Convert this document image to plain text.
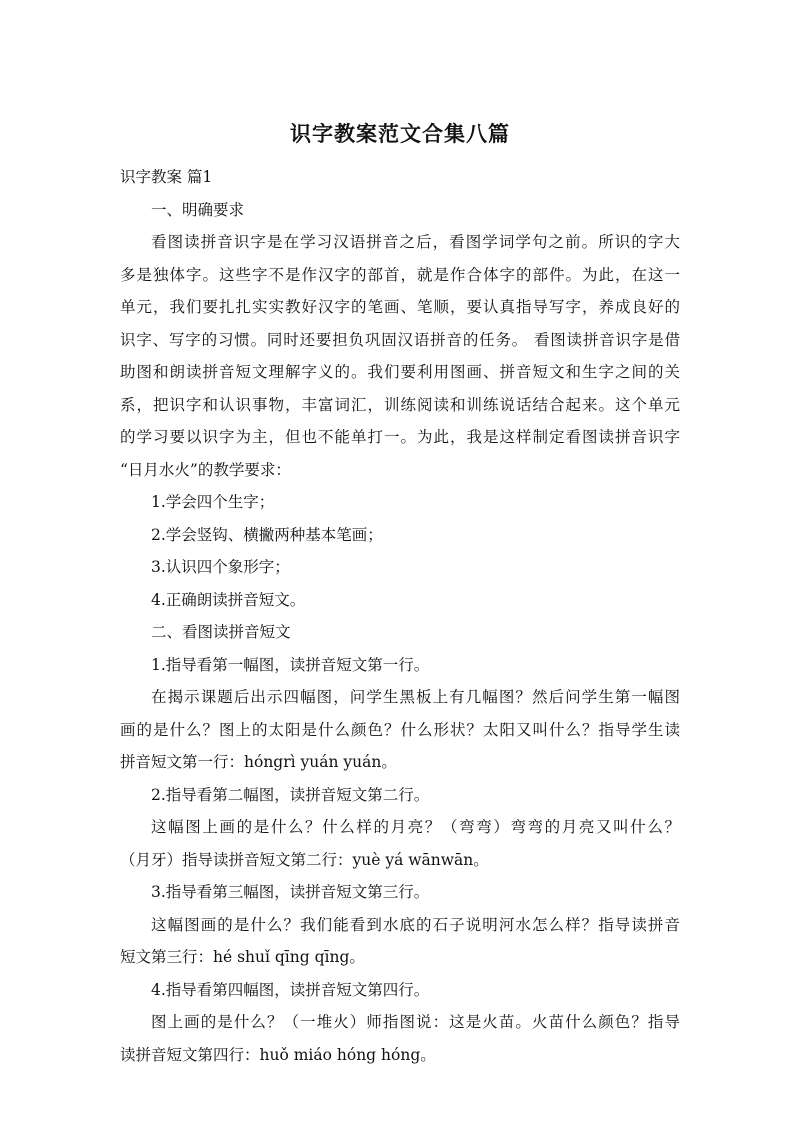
识字教案范文合集八篇
识字教案 篇1
一、明确要求
看图读拼音识字是在学习汉语拼音之后，看图学词学句之前。所识的字大
多是独体字。这些字不是作汉字的部首，就是作合体字的部件。为此，在这一
单元，我们要扎扎实实教好汉字的笔画、笔顺，要认真指导写字，养成良好的
识字、写字的习惯。同时还要担负巩固汉语拼音的任务。 看图读拼音识字是借
助图和朗读拼音短文理解字义的。我们要利用图画、拼音短文和生字之间的关
系，把识字和认识事物，丰富词汇，训练阅读和训练说话结合起来。这个单元
的学习要以识字为主，但也不能单打一。为此，我是这样制定看图读拼音识字
“日月水火”的教学要求：
1.学会四个生字；
2.学会竖钩、横撇两种基本笔画；
3.认识四个象形字；
4.正确朗读拼音短文。
二、看图读拼音短文
1.指导看第一幅图，读拼音短文第一行。
在揭示课题后出示四幅图，问学生黑板上有几幅图？然后问学生第一幅图
画的是什么？图上的太阳是什么颜色？什么形状？太阳又叫什么？指导学生读
拼音短文第一行：hóngrì yuán yuán。
2.指导看第二幅图，读拼音短文第二行。
这幅图上画的是什么？什么样的月亮？（弯弯）弯弯的月亮又叫什么？
（月牙）指导读拼音短文第二行：yuè yá wānwān。
3.指导看第三幅图，读拼音短文第三行。
这幅图画的是什么？我们能看到水底的石子说明河水怎么样？指导读拼音
短文第三行：hé shuǐ qīng qīng。
4.指导看第四幅图，读拼音短文第四行。
图上画的是什么？（一堆火）师指图说：这是火苗。火苗什么颜色？指导
读拼音短文第四行：huǒ miáo hóng hóng。
